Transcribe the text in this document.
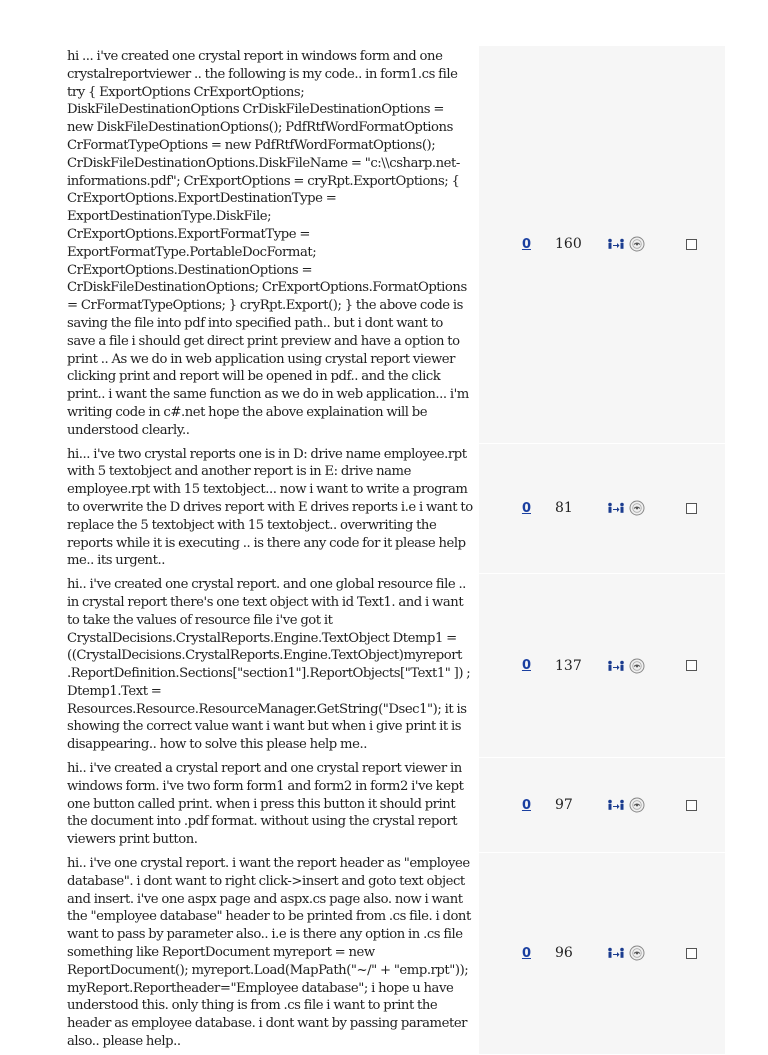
hi ... i've created one crystal report in windows form and one crystalreportviewer .. the following is my code.. in form1.cs file try { ExportOptions CrExportOptions; DiskFileDestinationOptions CrDiskFileDestinationOptions = new DiskFileDestinationOptions(); PdfRtfWordFormatOptions CrFormatTypeOptions = new PdfRtfWordFormatOptions(); CrDiskFileDestinationOptions.DiskFileName = "c:\\csharp.net-informations.pdf"; CrExportOptions = cryRpt.ExportOptions; { CrExportOptions.ExportDestinationType = ExportDestinationType.DiskFile; CrExportOptions.ExportFormatType = ExportFormatType.PortableDocFormat; CrExportOptions.DestinationOptions = CrDiskFileDestinationOptions; CrExportOptions.FormatOptions = CrFormatTypeOptions; } cryRpt.Export(); } the above code is saving the file into pdf into specified path.. but i dont want to save a file i should get direct print preview and have a option to print .. As we do in web application using crystal report viewer clicking print and report will be opened in pdf.. and the click print.. i want the same function as we do in web application... i'm writing code in c#.net hope the above explaination will be understood clearly..
0 160
hi... i've two crystal reports one is in D: drive name employee.rpt with 5 textobject and another report is in E: drive name employee.rpt with 15 textobject... now i want to write a program to overwrite the D drives report with E drives reports i.e i want to replace the 5 textobject with 15 textobject.. overwriting the reports while it is executing .. is there any code for it please help me.. its urgent..
0 81
hi.. i've created one crystal report. and one global resource file .. in crystal report there's one text object with id Text1. and i want to take the values of resource file i've got it CrystalDecisions.CrystalReports.Engine.TextObject Dtemp1 = ((CrystalDecisions.CrystalReports.Engine.TextObject)myreport .ReportDefinition.Sections["section1"].ReportObjects["Text1" ]) ; Dtemp1.Text = Resources.Resource.ResourceManager.GetString("Dsec1"); it is showing the correct value want i want but when i give print it is disappearing.. how to solve this please help me..
0 137
hi.. i've created a crystal report and one crystal report viewer in windows form. i've two form form1 and form2 in form2 i've kept one button called print. when i press this button it should print the document into .pdf format. without using the crystal report viewers print button.
0 97
hi.. i've one crystal report. i want the report header as "employee database". i dont want to right click->insert and goto text object and insert. i've one aspx page and aspx.cs page also. now i want the "employee database" header to be printed from .cs file. i dont want to pass by parameter also.. i.e is there any option in .cs file something like ReportDocument myreport = new ReportDocument(); myreport.Load(MapPath("~/" + "emp.rpt")); myReport.Reportheader="Employee database"; i hope u have understood this. only thing is from .cs file i want to print the header as employee database. i dont want by passing parameter also.. please help..
0 96
